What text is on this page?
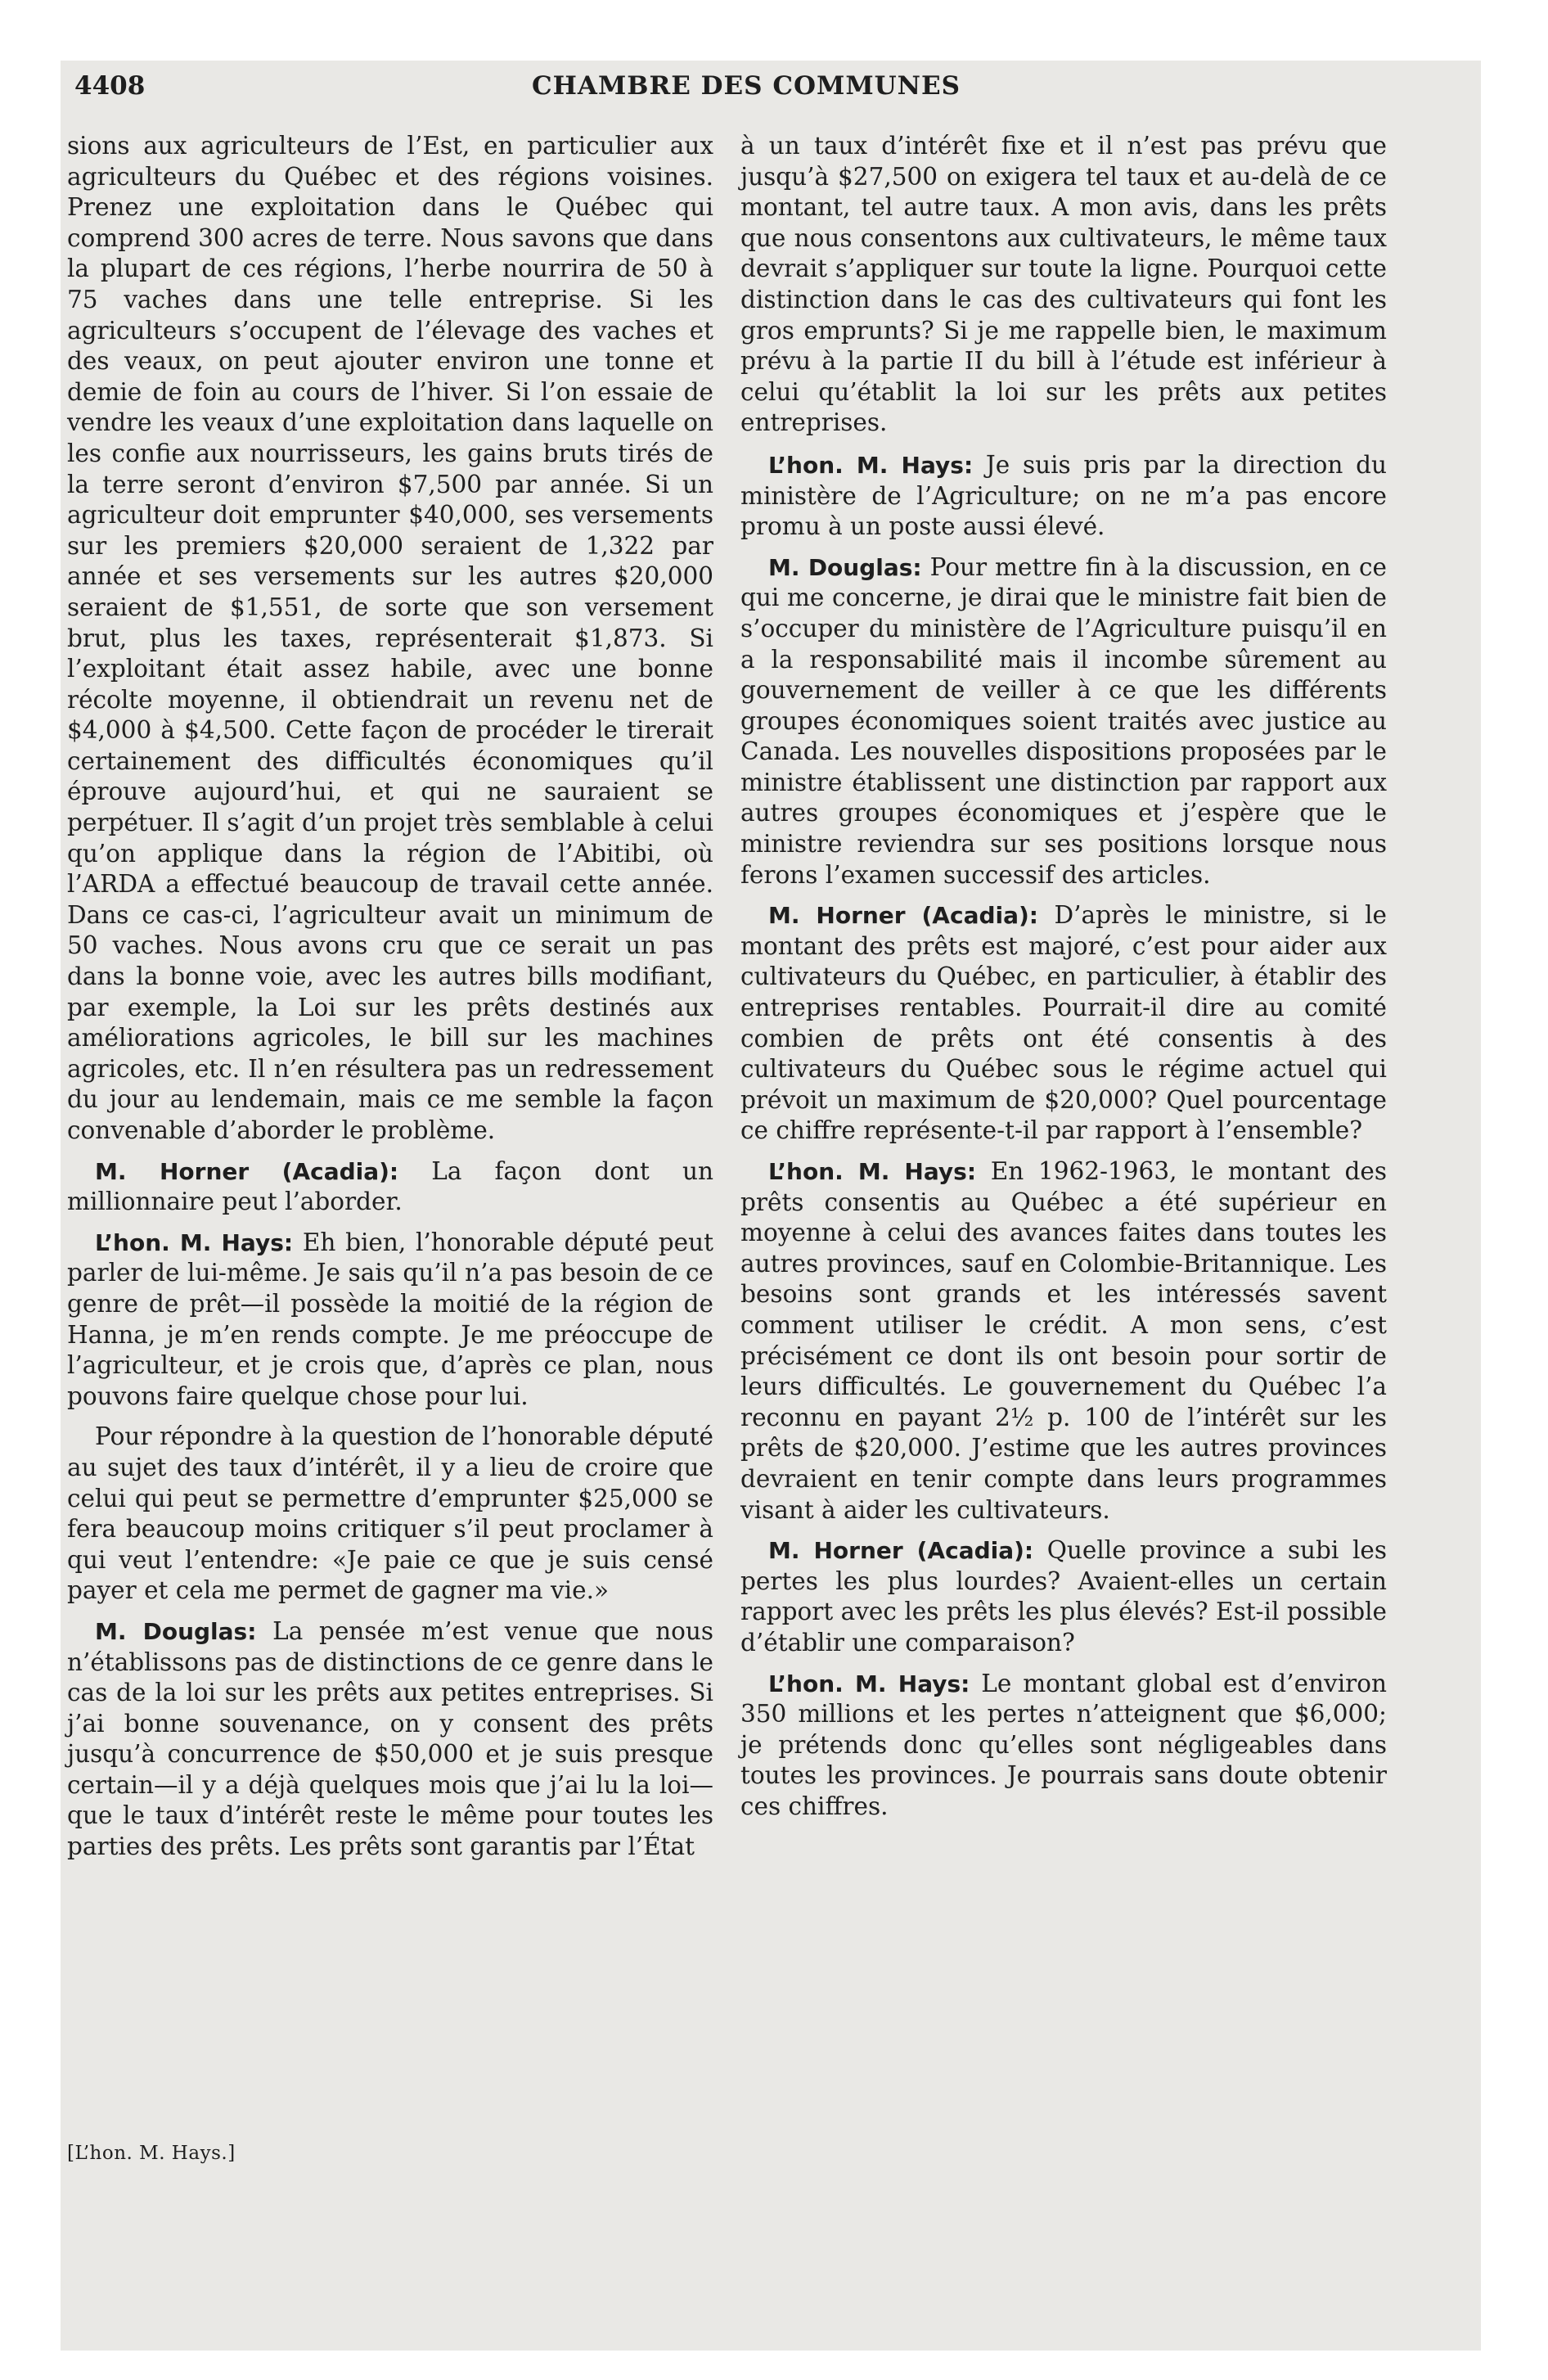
4408	CHAMBRE DES COMMUNES

sions aux agriculteurs de l’Est, en particulier aux agriculteurs du Québec et des régions voisines. Prenez une exploitation dans le Québec qui comprend 300 acres de terre. Nous savons que dans la plupart de ces régions, l’herbe nourrira de 50 à 75 vaches dans une telle entreprise. Si les agriculteurs s’occupent de l’élevage des vaches et des veaux, on peut ajouter environ une tonne et demie de foin au cours de l’hiver. Si l’on essaie de vendre les veaux d’une exploitation dans laquelle on les confie aux nourrisseurs, les gains bruts tirés de la terre seront d’environ $7,500 par année. Si un agriculteur doit emprunter $40,000, ses versements sur les premiers $20,000 seraient de 1,322 par année et ses versements sur les autres $20,000 seraient de $1,551, de sorte que son versement brut, plus les taxes, représenterait $1,873. Si l’exploitant était assez habile, avec une bonne récolte moyenne, il obtiendrait un revenu net de $4,000 à $4,500. Cette façon de procéder le tirerait certainement des difficultés économiques qu’il éprouve aujourd’hui, et qui ne sauraient se perpétuer. Il s’agit d’un projet très semblable à celui qu’on applique dans la région de l’Abitibi, où l’ARDA a effectué beaucoup de travail cette année. Dans ce cas-ci, l’agriculteur avait un minimum de 50 vaches. Nous avons cru que ce serait un pas dans la bonne voie, avec les autres bills modifiant, par exemple, la Loi sur les prêts destinés aux améliorations agricoles, le bill sur les machines agricoles, etc. Il n’en résultera pas un redressement du jour au lendemain, mais ce me semble la façon convenable d’aborder le problème.

M. Horner (Acadia): La façon dont un millionnaire peut l’aborder.

L’hon. M. Hays: Eh bien, l’honorable député peut parler de lui-même. Je sais qu’il n’a pas besoin de ce genre de prêt—il possède la moitié de la région de Hanna, je m’en rends compte. Je me préoccupe de l’agriculteur, et je crois que, d’après ce plan, nous pouvons faire quelque chose pour lui.

Pour répondre à la question de l’honorable député au sujet des taux d’intérêt, il y a lieu de croire que celui qui peut se permettre d’emprunter $25,000 se fera beaucoup moins critiquer s’il peut proclamer à qui veut l’entendre: «Je paie ce que je suis censé payer et cela me permet de gagner ma vie.»

M. Douglas: La pensée m’est venue que nous n’établissons pas de distinctions de ce genre dans le cas de la loi sur les prêts aux petites entreprises. Si j’ai bonne souvenance, on y consent des prêts jusqu’à concurrence de $50,000 et je suis presque certain—il y a déjà quelques mois que j’ai lu la loi—que le taux d’intérêt reste le même pour toutes les parties des prêts. Les prêts sont garantis par l’État

[L’hon. M. Hays.]

à un taux d’intérêt fixe et il n’est pas prévu que jusqu’à $27,500 on exigera tel taux et au-delà de ce montant, tel autre taux. A mon avis, dans les prêts que nous consentons aux cultivateurs, le même taux devrait s’appliquer sur toute la ligne. Pourquoi cette distinction dans le cas des cultivateurs qui font les gros emprunts? Si je me rappelle bien, le maximum prévu à la partie II du bill à l’étude est inférieur à celui qu’établit la loi sur les prêts aux petites entreprises.

L’hon. M. Hays: Je suis pris par la direction du ministère de l’Agriculture; on ne m’a pas encore promu à un poste aussi élevé.

M. Douglas: Pour mettre fin à la discussion, en ce qui me concerne, je dirai que le ministre fait bien de s’occuper du ministère de l’Agriculture puisqu’il en a la responsabilité mais il incombe sûrement au gouvernement de veiller à ce que les différents groupes économiques soient traités avec justice au Canada. Les nouvelles dispositions proposées par le ministre établissent une distinction par rapport aux autres groupes économiques et j’espère que le ministre reviendra sur ses positions lorsque nous ferons l’examen successif des articles.

M. Horner (Acadia): D’après le ministre, si le montant des prêts est majoré, c’est pour aider aux cultivateurs du Québec, en particulier, à établir des entreprises rentables. Pourrait-il dire au comité combien de prêts ont été consentis à des cultivateurs du Québec sous le régime actuel qui prévoit un maximum de $20,000? Quel pourcentage ce chiffre représente-t-il par rapport à l’ensemble?

L’hon. M. Hays: En 1962-1963, le montant des prêts consentis au Québec a été supérieur en moyenne à celui des avances faites dans toutes les autres provinces, sauf en Colombie-Britannique. Les besoins sont grands et les intéressés savent comment utiliser le crédit. A mon sens, c’est précisément ce dont ils ont besoin pour sortir de leurs difficultés. Le gouvernement du Québec l’a reconnu en payant 2½ p. 100 de l’intérêt sur les prêts de $20,000. J’estime que les autres provinces devraient en tenir compte dans leurs programmes visant à aider les cultivateurs.

M. Horner (Acadia): Quelle province a subi les pertes les plus lourdes? Avaient-elles un certain rapport avec les prêts les plus élevés? Est-il possible d’établir une comparaison?

L’hon. M. Hays: Le montant global est d’environ 350 millions et les pertes n’atteignent que $6,000; je prétends donc qu’elles sont négligeables dans toutes les provinces. Je pourrais sans doute obtenir ces chiffres.
